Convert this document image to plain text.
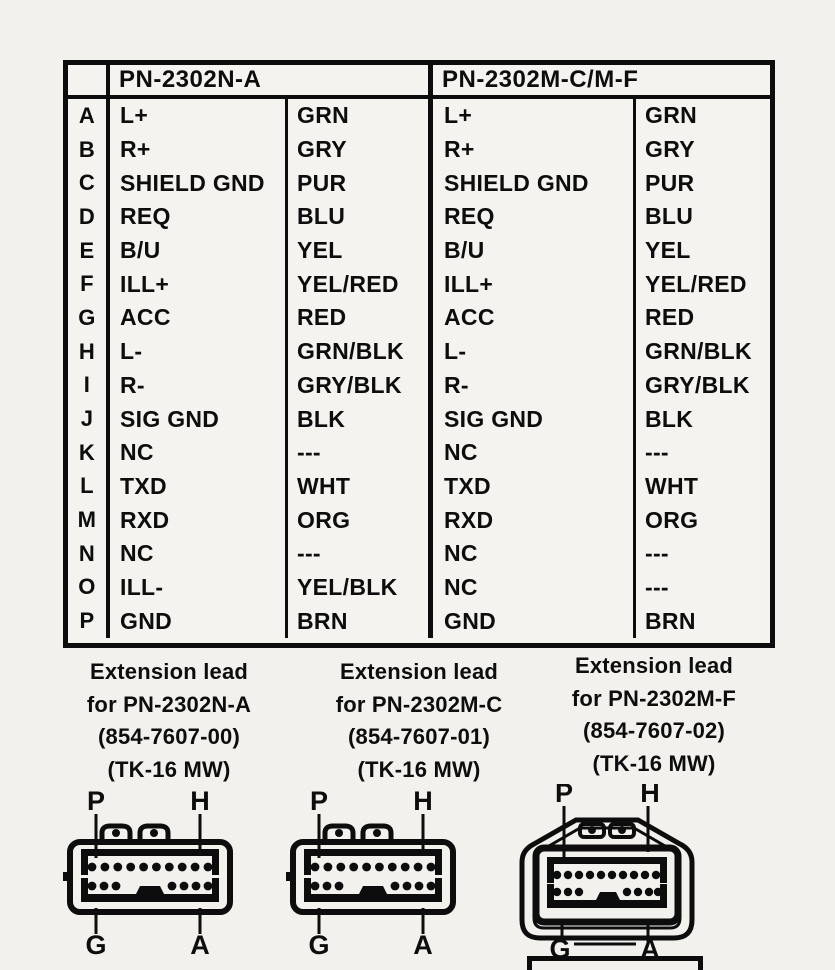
PN-2302N-A	PN-2302M-C/M-F
A	L+	GRN	L+	GRN
B	R+	GRY	R+	GRY
C	SHIELD GND	PUR	SHIELD GND	PUR
D	REQ	BLU	REQ	BLU
E	B/U	YEL	B/U	YEL
F	ILL+	YEL/RED	ILL+	YEL/RED
G	ACC	RED	ACC	RED
H	L-	GRN/BLK	L-	GRN/BLK
I	R-	GRY/BLK	R-	GRY/BLK
J	SIG GND	BLK	SIG GND	BLK
K	NC	---	NC	---
L	TXD	WHT	TXD	WHT
M	RXD	ORG	RXD	ORG
N	NC	---	NC	---
O	ILL-	YEL/BLK	NC	---
P	GND	BRN	GND	BRN
Extension lead
for PN-2302N-A
(854-7607-00)
(TK-16 MW)
Extension lead
for PN-2302M-C
(854-7607-01)
(TK-16 MW)
Extension lead
for PN-2302M-F
(854-7607-02)
(TK-16 MW)
P	H
G	A
P	H
G	A
P H
G	A
